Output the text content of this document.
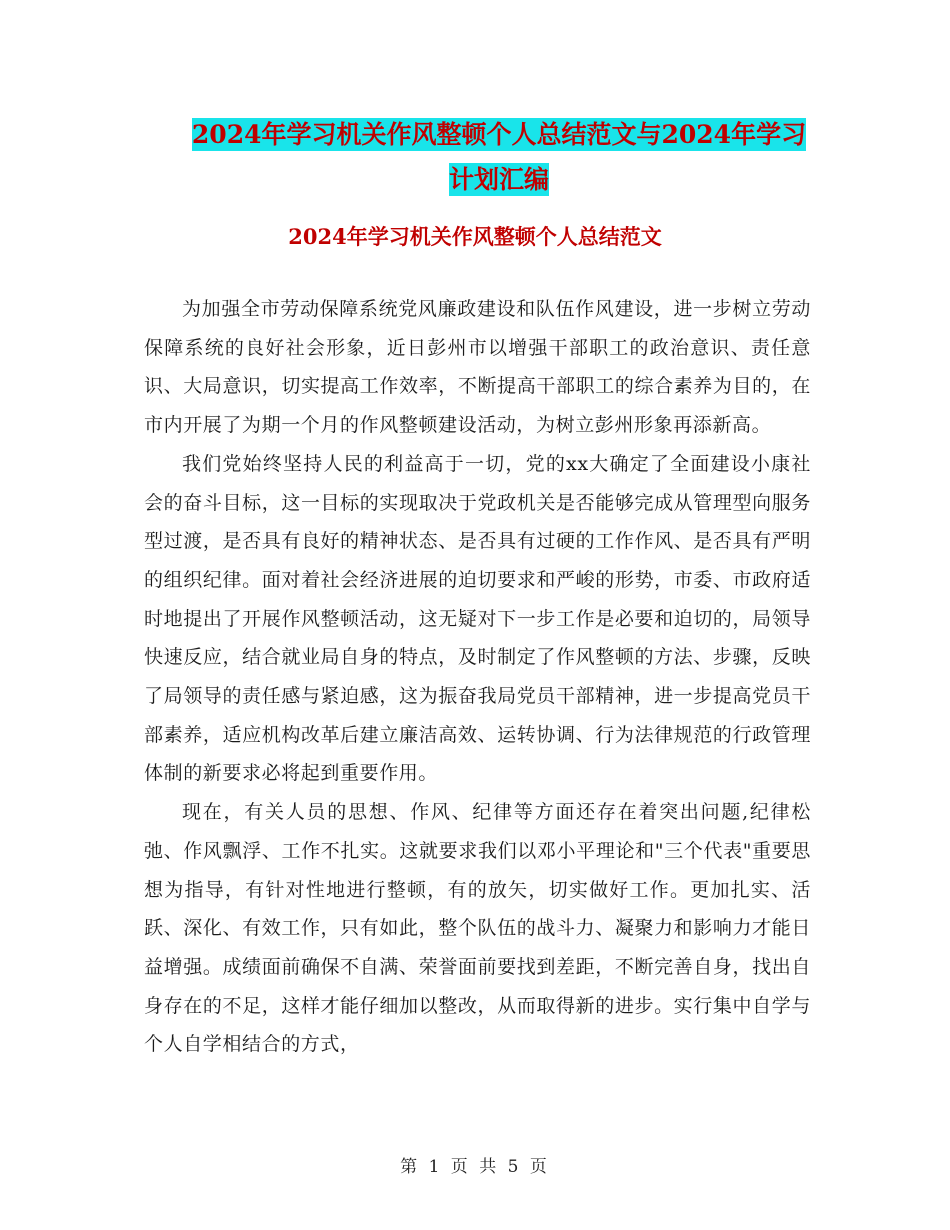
2024年学习机关作风整顿个人总结范文与2024年学习
计划汇编
2024年学习机关作风整顿个人总结范文

为加强全市劳动保障系统党风廉政建设和队伍作风建设，进一步树立劳动保障系统的良好社会形象，近日彭州市以增强干部职工的政治意识、责任意识、大局意识，切实提高工作效率，不断提高干部职工的综合素养为目的，在市内开展了为期一个月的作风整顿建设活动，为树立彭州形象再添新高。

我们党始终坚持人民的利益高于一切，党的xx大确定了全面建设小康社会的奋斗目标，这一目标的实现取决于党政机关是否能够完成从管理型向服务型过渡，是否具有良好的精神状态、是否具有过硬的工作作风、是否具有严明的组织纪律。面对着社会经济进展的迫切要求和严峻的形势，市委、市政府适时地提出了开展作风整顿活动，这无疑对下一步工作是必要和迫切的，局领导快速反应，结合就业局自身的特点，及时制定了作风整顿的方法、步骤，反映了局领导的责任感与紧迫感，这为振奋我局党员干部精神，进一步提高党员干部素养，适应机构改革后建立廉洁高效、运转协调、行为法律规范的行政管理体制的新要求必将起到重要作用。

现在，有关人员的思想、作风、纪律等方面还存在着突出问题,纪律松弛、作风飘浮、工作不扎实。这就要求我们以邓小平理论和"三个代表"重要思想为指导，有针对性地进行整顿，有的放矢，切实做好工作。更加扎实、活跃、深化、有效工作，只有如此，整个队伍的战斗力、凝聚力和影响力才能日益增强。成绩面前确保不自满、荣誉面前要找到差距，不断完善自身，找出自身存在的不足，这样才能仔细加以整改，从而取得新的进步。实行集中自学与个人自学相结合的方式，

第 1 页 共 5 页
